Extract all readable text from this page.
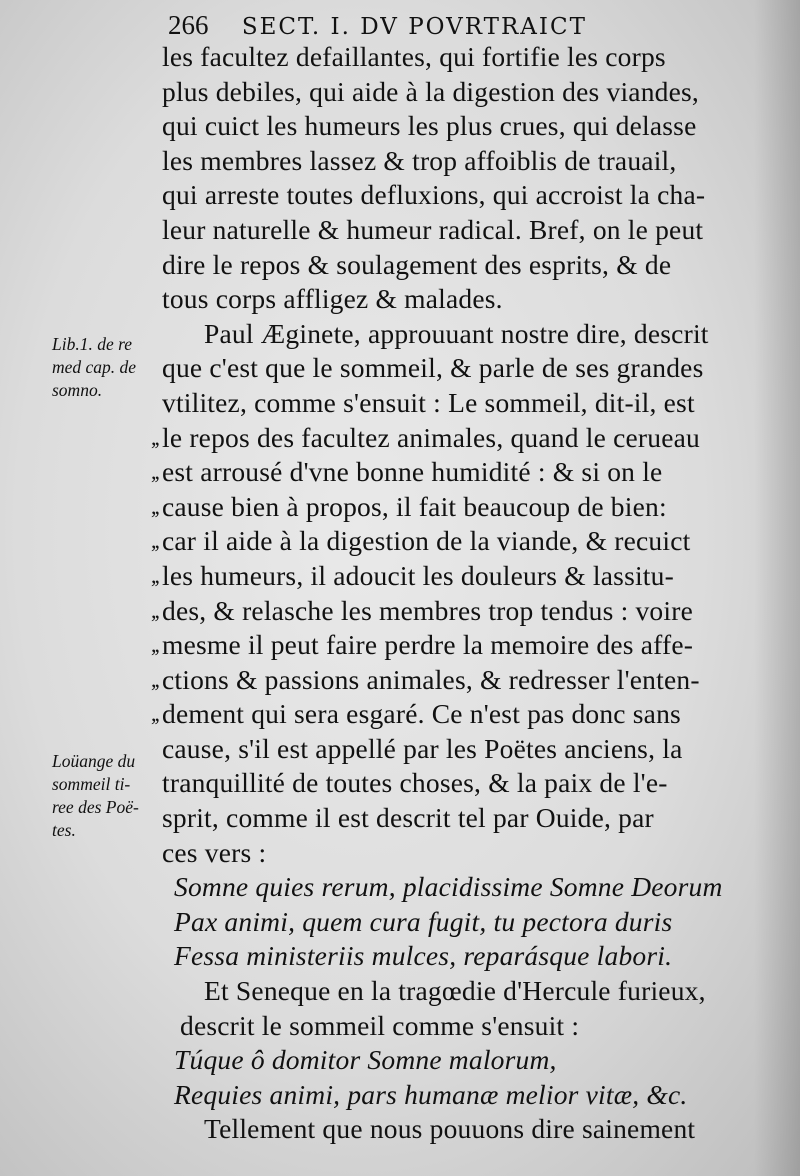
266 SECT. I. DV POVRTRAICT
Lib.1. de re
med cap. de
somno.
Loüange du
sommeil ti-
ree des Poë-
tes.
les facultez defaillantes, qui fortifie les corps
plus debiles, qui aide à la digestion des viandes,
qui cuict les humeurs les plus crues, qui delasse
les membres lassez & trop affoiblis de trauail,
qui arreste toutes defluxions, qui accroist la cha-
leur naturelle & humeur radical. Bref, on le peut
dire le repos & soulagement des esprits, & de
tous corps affligez & malades.
Paul Æginete, approuuant nostre dire, descrit
que c'est que le sommeil, & parle de ses grandes
vtilitez, comme s'ensuit : Le sommeil, dit-il, est
,, le repos des facultez animales, quand le cerueau
,, est arrousé d'vne bonne humidité : & si on le
,, cause bien à propos, il fait beaucoup de bien:
,, car il aide à la digestion de la viande, & recuict
,, les humeurs, il adoucit les douleurs & lassitu-
,, des, & relasche les membres trop tendus : voire
,, mesme il peut faire perdre la memoire des affe-
,, ctions & passions animales, & redresser l'enten-
,, dement qui sera esgaré. Ce n'est pas donc sans
cause, s'il est appellé par les Poëtes anciens, la
tranquillité de toutes choses, & la paix de l'e-
sprit, comme il est descrit tel par Ouide, par
ces vers :
Somne quies rerum, placidissime Somne Deorum
Pax animi, quem cura fugit, tu pectora duris
Fessa ministeriis mulces, reparásque labori.
Et Seneque en la tragœdie d'Hercule furieux,
descrit le sommeil comme s'ensuit :
Túque ô domitor Somne malorum,
Requies animi, pars humanæ melior vitæ, &c.
Tellement que nous pouuons dire sainement
